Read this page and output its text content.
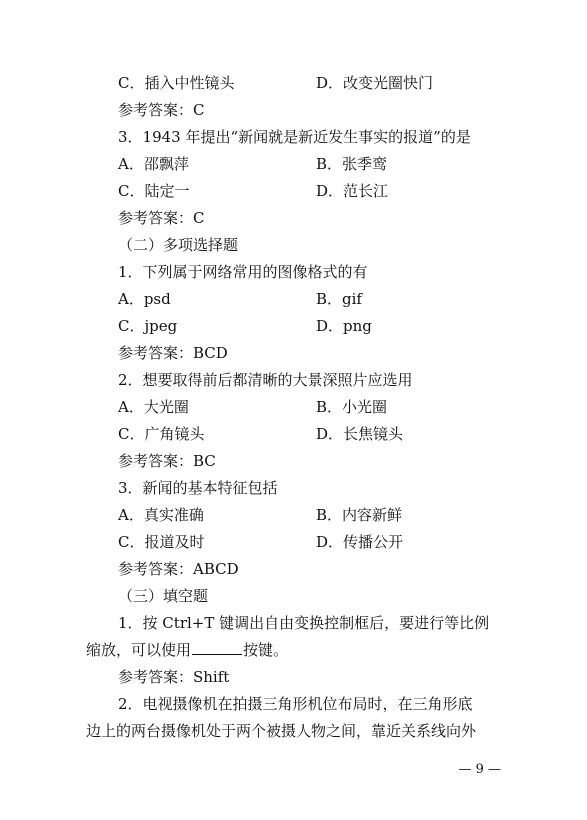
C．插入中性镜头	D．改变光圈快门
参考答案：C
3．1943 年提出“新闻就是新近发生事实的报道”的是
A．邵飘萍	B．张季鸾
C．陆定一	D．范长江
参考答案：C
（二）多项选择题
1．下列属于网络常用的图像格式的有
A．psd	B．gif
C．jpeg	D．png
参考答案：BCD
2．想要取得前后都清晰的大景深照片应选用
A．大光圈	B．小光圈
C．广角镜头	D．长焦镜头
参考答案：BC
3．新闻的基本特征包括
A．真实准确	B．内容新鲜
C．报道及时	D．传播公开
参考答案：ABCD
（三）填空题
1．按 Ctrl+T 键调出自由变换控制框后，要进行等比例
缩放，可以使用	按键。
参考答案：Shift
2．电视摄像机在拍摄三角形机位布局时，在三角形底
边上的两台摄像机处于两个被摄人物之间，靠近关系线向外
— 9 —
